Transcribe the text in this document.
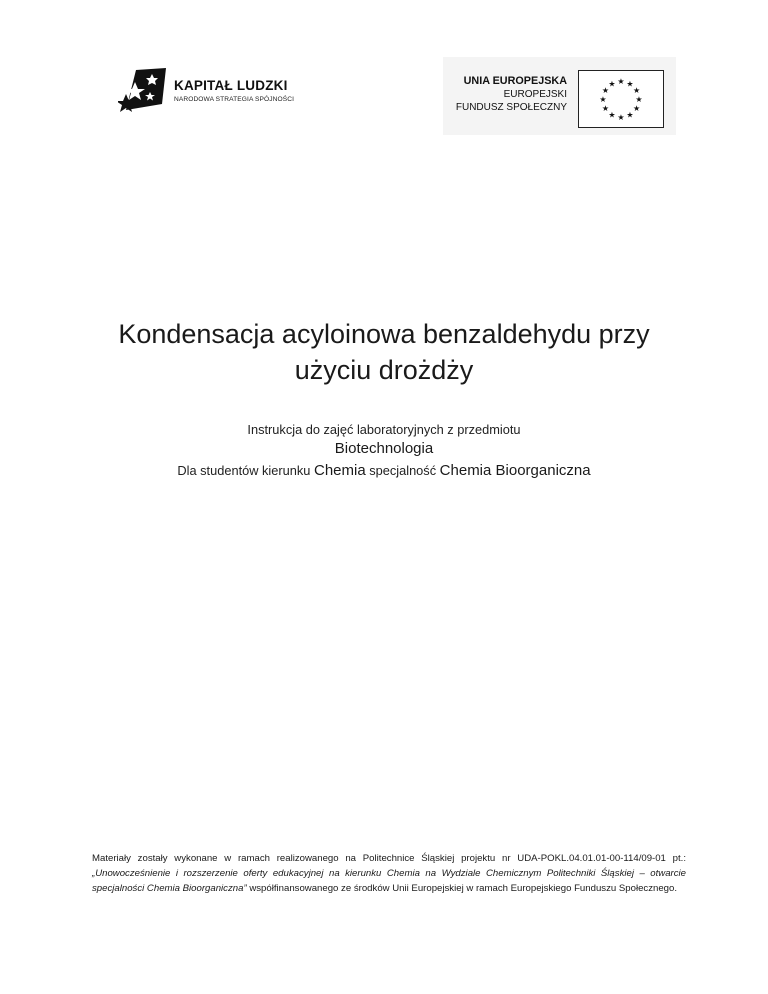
KAPITAŁ LUDZKI
NARODOWA STRATEGIA SPÓJNOŚCI
UNIA EUROPEJSKA
EUROPEJSKI
FUNDUSZ SPOŁECZNY
★ ★
★
★
★
★
★
★
★
★
★
★
Kondensacja acyloinowa benzaldehydu przy
użyciu drożdży
Instrukcja do zajęć laboratoryjnych z przedmiotu
Biotechnologia
Dla studentów kierunku Chemia specjalność Chemia Bioorganiczna
Materiały zostały wykonane w ramach realizowanego na Politechnice Śląskiej projektu nr UDA-POKL.04.01.01-00-114/09-01 pt.: „Unowocześnienie i rozszerzenie oferty edukacyjnej na kierunku Chemia na Wydziale Chemicznym Politechniki Śląskiej – otwarcie specjalności Chemia Bioorganiczna” współfinansowanego ze środków Unii Europejskiej w ramach Europejskiego Funduszu Społecznego.
